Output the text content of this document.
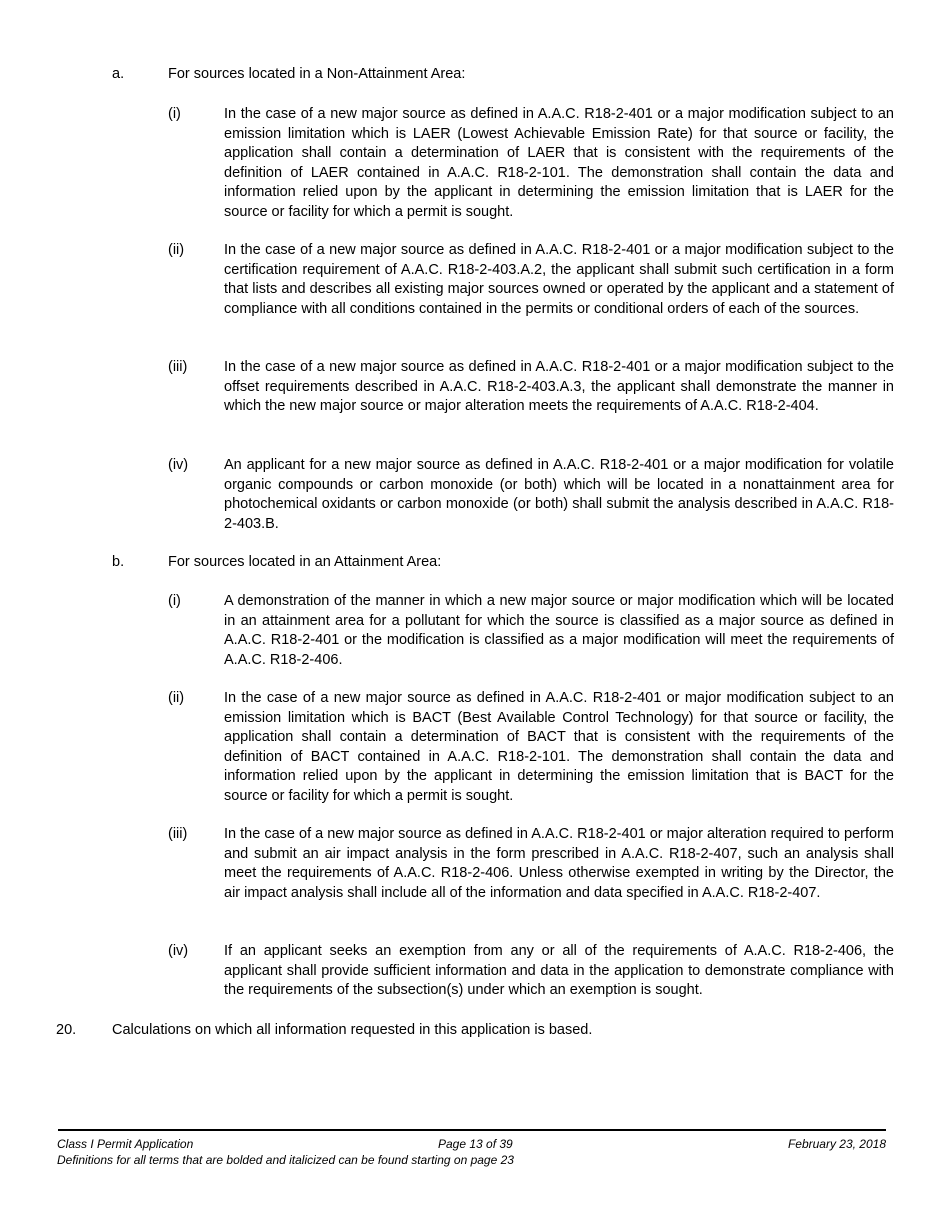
a.	For sources located in a Non-Attainment Area:
(i)	In the case of a new major source as defined in A.A.C. R18-2-401 or a major modification subject to an emission limitation which is LAER (Lowest Achievable Emission Rate) for that source or facility, the application shall contain a determination of LAER that is consistent with the requirements of the definition of LAER contained in A.A.C. R18-2-101. The demonstration shall contain the data and information relied upon by the applicant in determining the emission limitation that is LAER for the source or facility for which a permit is sought.
(ii)	In the case of a new major source as defined in A.A.C. R18-2-401 or a major modification subject to the certification requirement of A.A.C. R18-2-403.A.2, the applicant shall submit such certification in a form that lists and describes all existing major sources owned or operated by the applicant and a statement of compliance with all conditions contained in the permits or conditional orders of each of the sources.
(iii)	In the case of a new major source as defined in A.A.C. R18-2-401 or a major modification subject to the offset requirements described in A.A.C. R18-2-403.A.3, the applicant shall demonstrate the manner in which the new major source or major alteration meets the requirements of A.A.C. R18-2-404.
(iv) An applicant for a new major source as defined in A.A.C. R18-2-401 or a major modification for volatile organic compounds or carbon monoxide (or both) which will be located in a nonattainment area for photochemical oxidants or carbon monoxide (or both) shall submit the analysis described in A.A.C. R18-2-403.B.
b.	For sources located in an Attainment Area:
(i)	A demonstration of the manner in which a new major source or major modification which will be located in an attainment area for a pollutant for which the source is classified as a major source as defined in A.A.C. R18-2-401 or the modification is classified as a major modification will meet the requirements of A.A.C. R18-2-406.
(ii)	In the case of a new major source as defined in A.A.C. R18-2-401 or major modification subject to an emission limitation which is BACT (Best Available Control Technology) for that source or facility, the application shall contain a determination of BACT that is consistent with the requirements of the definition of BACT contained in A.A.C. R18-2-101. The demonstration shall contain the data and information relied upon by the applicant in determining the emission limitation that is BACT for the source or facility for which a permit is sought.
(iii)	In the case of a new major source as defined in A.A.C. R18-2-401 or major alteration required to perform and submit an air impact analysis in the form prescribed in A.A.C. R18-2-407, such an analysis shall meet the requirements of A.A.C. R18-2-406. Unless otherwise exempted in writing by the Director, the air impact analysis shall include all of the information and data specified in A.A.C. R18-2-407.
(iv) If an applicant seeks an exemption from any or all of the requirements of A.A.C. R18-2-406, the applicant shall provide sufficient information and data in the application to demonstrate compliance with the requirements of the subsection(s) under which an exemption is sought.
20. Calculations on which all information requested in this application is based.
Class I Permit Application	Page 13 of 39	February 23, 2018
Definitions for all terms that are bolded and italicized can be found starting on page 23
